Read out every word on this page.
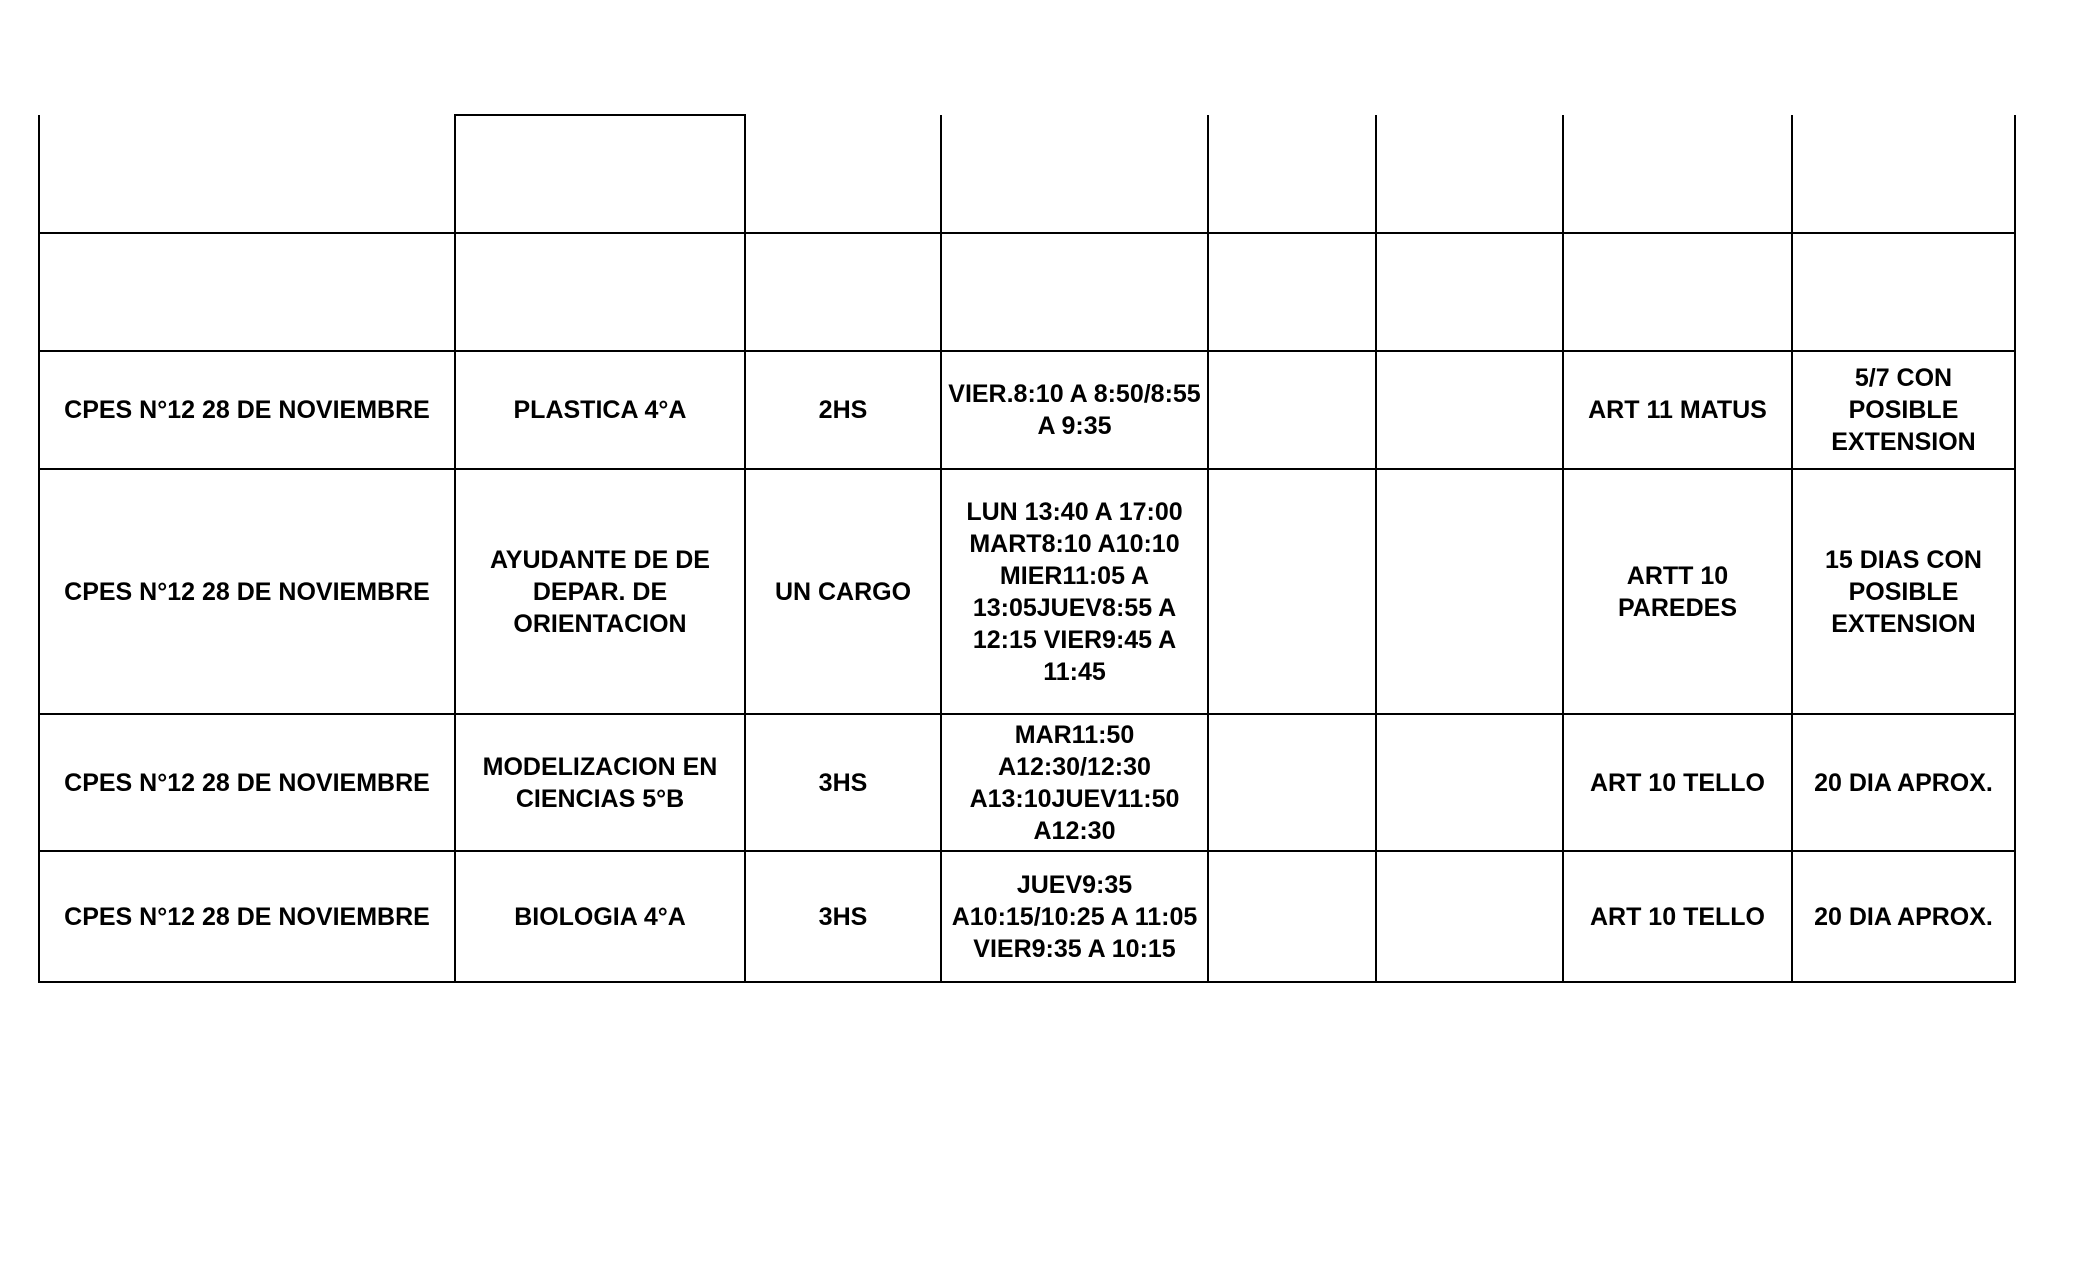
CPES N°12 28 DE NOVIEMBRE	PLASTICA 4°A	2HS	VIER.8:10 A 8:50/8:55 A 9:35			ART 11 MATUS	5/7 CON POSIBLE EXTENSION
CPES N°12 28 DE NOVIEMBRE	AYUDANTE DE DE DEPAR. DE ORIENTACION	UN CARGO	LUN 13:40 A 17:00 MART8:10 A10:10 MIER11:05 A 13:05JUEV8:55 A 12:15 VIER9:45 A 11:45			ARTT 10 PAREDES	15 DIAS CON POSIBLE EXTENSION
CPES N°12 28 DE NOVIEMBRE	MODELIZACION EN CIENCIAS 5°B	3HS	MAR11:50 A12:30/12:30 A13:10JUEV11:50 A12:30			ART 10 TELLO	20 DIA APROX.
CPES N°12 28 DE NOVIEMBRE	BIOLOGIA 4°A	3HS	JUEV9:35 A10:15/10:25 A 11:05 VIER9:35 A 10:15			ART 10 TELLO	20 DIA APROX.
